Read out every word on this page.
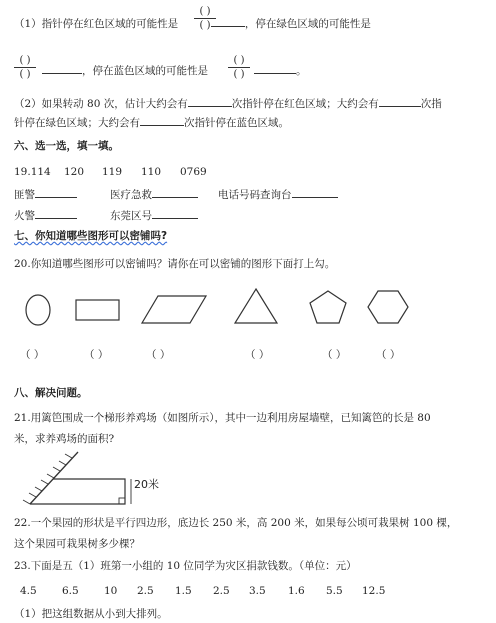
（1）指针停在红色区域的可能性是	，停在绿色区域的可能性是
( )
( )
( )
( )	，停在蓝色区域的可能性是
( )
( )	。
（2）如果转动 80 次，估计大约会有	次指针停在红色区域；大约会有	次指
针停在绿色区域；大约会有	次指针停在蓝色区域。
六、选一选，填一填。
19.114 120 119 110 0769
匪警	医疗急救	电话号码查询台
火警	东莞区号
七、你知道哪些图形可以密铺吗?
20.你知道哪些图形可以密铺吗？请你在可以密铺的图形下面打上勾。
（ ）	（ ）	（ ）	（ ）	（ ）	（ ）
八、解决问题。
21.用篱笆围成一个梯形养鸡场（如图所示），其中一边利用房屋墙壁，已知篱笆的长是 80
米，求养鸡场的面积?
20米
22.一个果园的形状是平行四边形，底边长 250 米，高 200 米，如果每公顷可栽果树 100 棵，
这个果园可栽果树多少棵？
23.下面是五（1）班第一小组的 10 位同学为灾区捐款钱数。（单位：元）
4.5 6.5 10 2.5 1.5 2.5 3.5 1.6 5.5 12.5
（1）把这组数据从小到大排列。
